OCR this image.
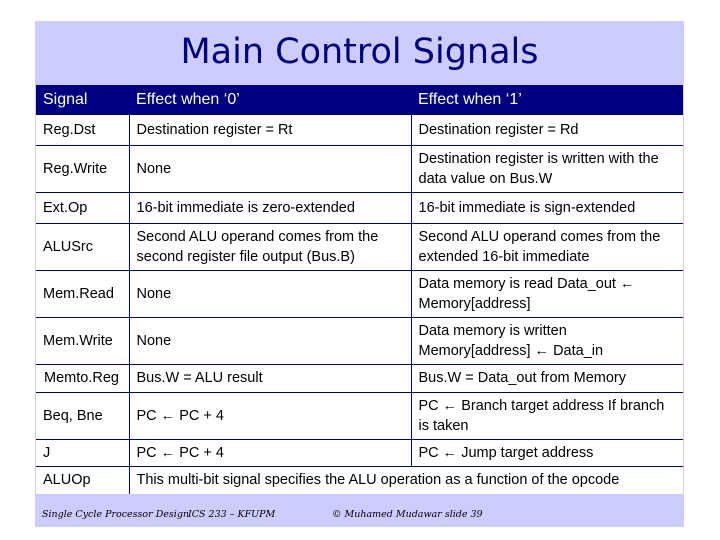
Main Control Signals
Signal	Effect when ‘0’	Effect when ‘1’
Reg.Dst	Destination register = Rt	Destination register = Rd
Reg.Write	None	Destination register is written with the data value on Bus.W
Ext.Op	16-bit immediate is zero-extended	16-bit immediate is sign-extended
ALUSrc	Second ALU operand comes from the second register file output (Bus.B)	Second ALU operand comes from the extended 16-bit immediate
Mem.Read	None	Data memory is read Data_out ← Memory[address]
Mem.Write	None	Data memory is written Memory[address] ← Data_in
Memto.Reg	Bus.W = ALU result	Bus.W = Data_out from Memory
Beq, Bne	PC ← PC + 4	PC ← Branch target address If branch is taken
J	PC ← PC + 4	PC ← Jump target address
ALUOp	This multi-bit signal specifies the ALU operation as a function of the opcode	
Single Cycle Processor Design
ICS 233 – KFUPM	© Muhamed Mudawar slide 39
